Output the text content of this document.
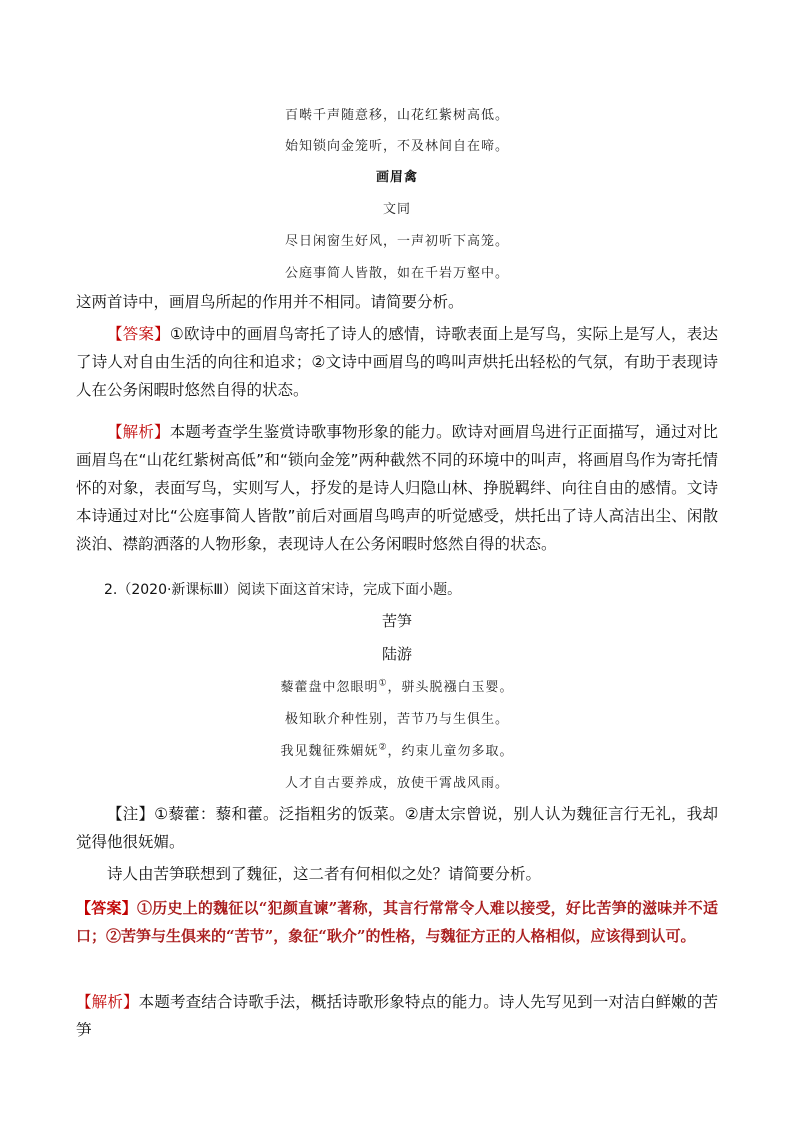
百啭千声随意移，山花红紫树高低。
始知锁向金笼听，不及林间自在啼。
画眉禽
文同
尽日闲窗生好风，一声初听下高笼。
公庭事简人皆散，如在千岩万壑中。

这两首诗中，画眉鸟所起的作用并不相同。请简要分析。

【答案】①欧诗中的画眉鸟寄托了诗人的感情，诗歌表面上是写鸟，实际上是写人，表达了诗人对自由生活的向往和追求；②文诗中画眉鸟的鸣叫声烘托出轻松的气氛，有助于表现诗人在公务闲暇时悠然自得的状态。

【解析】本题考查学生鉴赏诗歌事物形象的能力。欧诗对画眉鸟进行正面描写，通过对比画眉鸟在“山花红紫树高低”和“锁向金笼”两种截然不同的环境中的叫声，将画眉鸟作为寄托情怀的对象，表面写鸟，实则写人，抒发的是诗人归隐山林、挣脱羁绊、向往自由的感情。文诗本诗通过对比“公庭事简人皆散”前后对画眉鸟鸣声的听觉感受，烘托出了诗人高洁出尘、闲散淡泊、襟韵洒落的人物形象，表现诗人在公务闲暇时悠然自得的状态。

2.（2020·新课标Ⅲ）阅读下面这首宋诗，完成下面小题。

苦笋
陆游
藜藿盘中忽眼明①，骈头脱襁白玉婴。
极知耿介种性别，苦节乃与生俱生。
我见魏征殊媚妩②，约束儿童勿多取。
人才自古要养成，放使干霄战风雨。

【注】①藜藿：藜和藿。泛指粗劣的饭菜。②唐太宗曾说，别人认为魏征言行无礼，我却觉得他很妩媚。

诗人由苦笋联想到了魏征，这二者有何相似之处？请简要分析。

【答案】①历史上的魏征以“犯颜直谏”著称，其言行常常令人难以接受，好比苦笋的滋味并不适口；②苦笋与生俱来的“苦节”，象征“耿介”的性格，与魏征方正的人格相似，应该得到认可。

【解析】本题考查结合诗歌手法，概括诗歌形象特点的能力。诗人先写见到一对洁白鲜嫩的苦笋
